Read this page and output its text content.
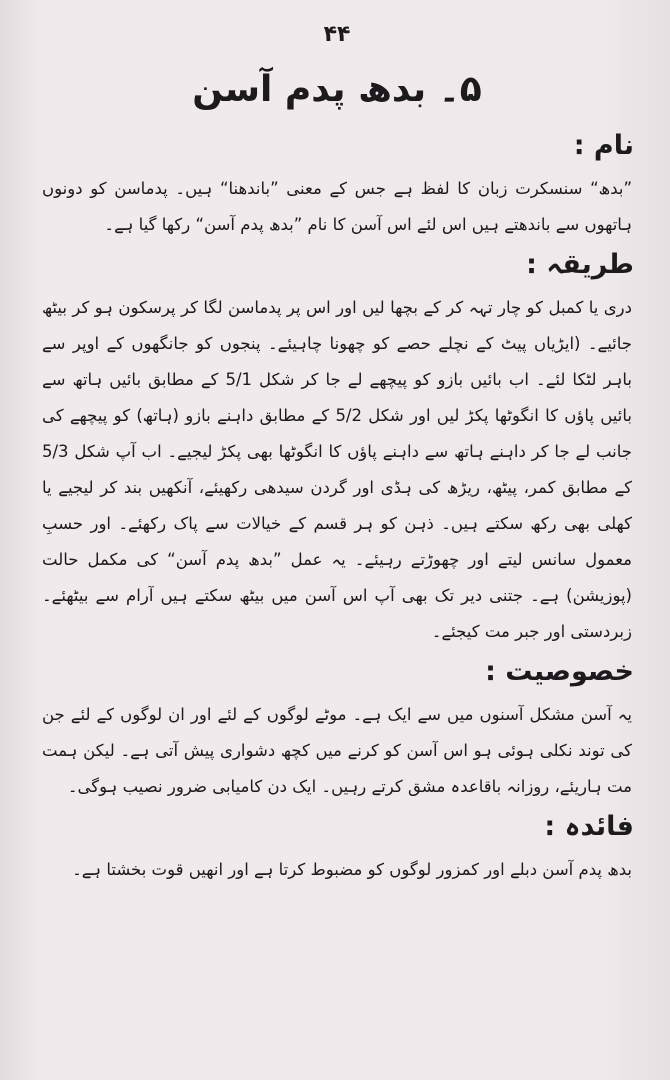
۴۴
۵۔ بدھ پدم آسن
نام :
”بدھ“ سنسکرت زبان کا لفظ ہے جس کے معنی ”باندھنا“ ہیں۔ پدماسن کو دونوں ہاتھوں سے باندھتے ہیں اس لئے اس آسن کا نام ”بدھ پدم آسن“ رکھا گیا ہے۔
طریقہ :
دری یا کمبل کو چار تہہ کر کے بچھا لیں اور اس پر پدماسن لگا کر پرسکون ہو کر بیٹھ جائیے۔ (ایڑیاں پیٹ کے نچلے حصے کو چھونا چاہیئے۔ پنجوں کو جانگھوں کے اوپر سے باہر لٹکا لئے۔ اب بائیں بازو کو پیچھے لے جا کر شکل 5/1 کے مطابق بائیں ہاتھ سے بائیں پاؤں کا انگوٹھا پکڑ لیں اور شکل 5/2 کے مطابق داہنے بازو (ہاتھ) کو پیچھے کی جانب لے جا کر داہنے ہاتھ سے داہنے پاؤں کا انگوٹھا بھی پکڑ لیجیے۔ اب آپ شکل 5/3 کے مطابق کمر، پیٹھ، ریڑھ کی ہڈی اور گردن سیدھی رکھیئے، آنکھیں بند کر لیجیے یا کھلی بھی رکھ سکتے ہیں۔ ذہن کو ہر قسم کے خیالات سے پاک رکھئے۔ اور حسبِ معمول سانس لیتے اور چھوڑتے رہیئے۔ یہ عمل ”بدھ پدم آسن“ کی مکمل حالت (پوزیشن) ہے۔ جتنی دیر تک بھی آپ اس آسن میں بیٹھ سکتے ہیں آرام سے بیٹھئے۔ زبردستی اور جبر مت کیجئے۔
خصوصیت :
یہ آسن مشکل آسنوں میں سے ایک ہے۔ موٹے لوگوں کے لئے اور ان لوگوں کے لئے جن کی توند نکلی ہوئی ہو اس آسن کو کرنے میں کچھ دشواری پیش آتی ہے۔ لیکن ہمت مت ہاریئے، روزانہ باقاعدہ مشق کرتے رہیں۔ ایک دن کامیابی ضرور نصیب ہوگی۔
فائدہ :
بدھ پدم آسن دبلے اور کمزور لوگوں کو مضبوط کرتا ہے اور انھیں قوت بخشتا ہے۔
